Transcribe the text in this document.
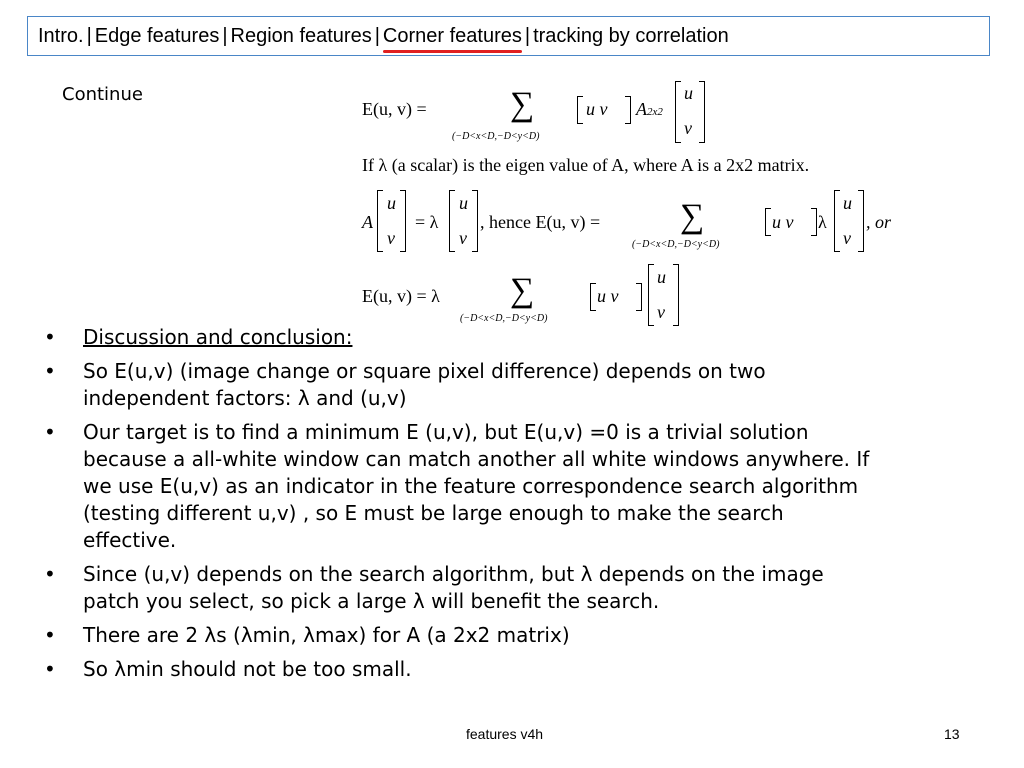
Intro. | Edge features | Region features | Corner features | tracking by correlation
Continue
E(u, v) = ∑
(−D<x<D,−D<y<D)
u v A2x2
u
v
If λ (a scalar) is the eigen value of A, where A is a 2x2 matrix.
A
u
v
= λ
u
v
, hence E(u, v) = ∑
(−D<x<D,−D<y<D)
u v λ
u
v
, or
E(u, v) = λ ∑
(−D<x<D,−D<y<D)
u v
u
v
• Discussion and conclusion:
• So E(u,v) (image change or square pixel difference) depends on two independent factors: λ and (u,v)
• Our target is to find a minimum E (u,v), but E(u,v) =0 is a trivial solution because a all-white window can match another all white windows anywhere. If we use E(u,v) as an indicator in the feature correspondence search algorithm (testing different u,v) , so E must be large enough to make the search effective.
• Since (u,v) depends on the search algorithm, but λ depends on the image patch you select, so pick a large λ will benefit the search.
• There are 2 λs (λmin, λmax) for A (a 2x2 matrix)
• So λmin should not be too small.
features v4h	13
